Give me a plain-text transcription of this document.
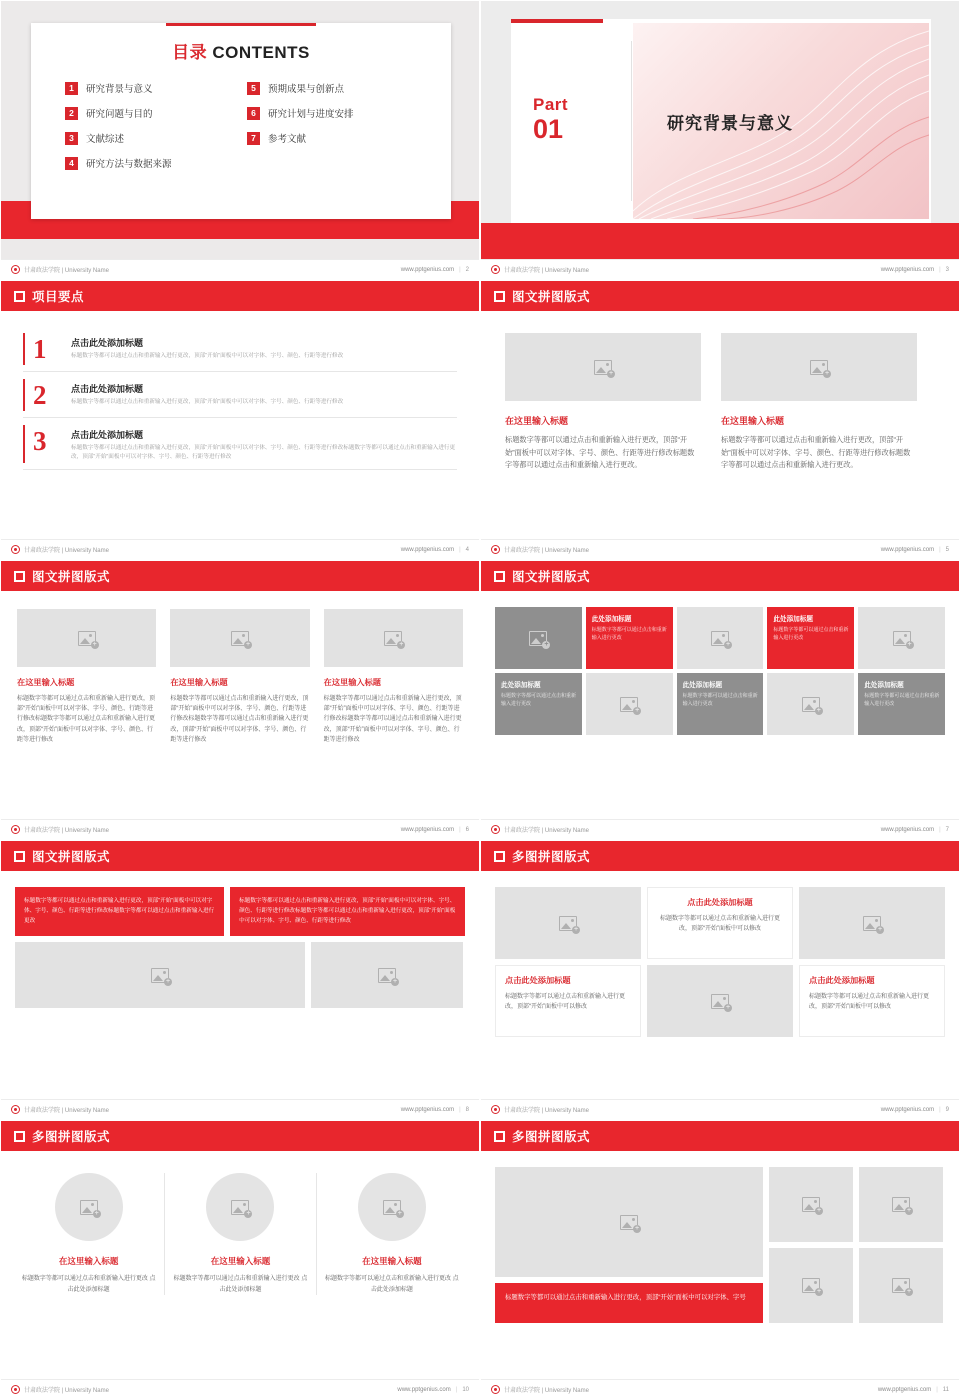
目录 CONTENTS
1	研究背景与意义	5	预期成果与创新点
2	研究问题与目的	6	研究计划与进度安排
3	文献综述	7	参考文献
4	研究方法与数据来源
甘肃政法学院 | University Name	www.pptgenius.com | 2
Part
01	研究背景与意义
甘肃政法学院 | University Name	www.pptgenius.com | 3
项目要点
1	点击此处添加标题
标题数字等都可以通过点击和重新输入进行更改，顶部“开始”面板中可以对字体、字号、颜色、行距等进行修改
2	点击此处添加标题
标题数字等都可以通过点击和重新输入进行更改，顶部“开始”面板中可以对字体、字号、颜色、行距等进行修改
3	点击此处添加标题
标题数字等都可以通过点击和重新输入进行更改，顶部“开始”面板中可以对字体、字号、颜色、行距等进行修改标题数字等都可以通过点击和重新输入进行更改，顶部“开始”面板中可以对字体、字号、颜色、行距等进行修改
甘肃政法学院 | University Name	www.pptgenius.com | 4
图文拼图版式
+
在这里输入标题
标题数字等都可以通过点击和重新输入进行更改，顶部“开始”面板中可以对字体、字号、颜色、行距等进行修改标题数字等都可以通过点击和重新输入进行更改。
+
在这里输入标题
标题数字等都可以通过点击和重新输入进行更改，顶部“开始”面板中可以对字体、字号、颜色、行距等进行修改标题数字等都可以通过点击和重新输入进行更改。
甘肃政法学院 | University Name	www.pptgenius.com | 5
图文拼图版式
+
在这里输入标题
标题数字等都可以通过点击和重新输入进行更改，顶部“开始”面板中可以对字体、字号、颜色、行距等进行修改标题数字等都可以通过点击和重新输入进行更改，顶部“开始”面板中可以对字体、字号、颜色、行距等进行修改
+
在这里输入标题
标题数字等都可以通过点击和重新输入进行更改，顶部“开始”面板中可以对字体、字号、颜色、行距等进行修改标题数字等都可以通过点击和重新输入进行更改，顶部“开始”面板中可以对字体、字号、颜色、行距等进行修改
+
在这里输入标题
标题数字等都可以通过点击和重新输入进行更改，顶部“开始”面板中可以对字体、字号、颜色、行距等进行修改标题数字等都可以通过点击和重新输入进行更改，顶部“开始”面板中可以对字体、字号、颜色、行距等进行修改
甘肃政法学院 | University Name	www.pptgenius.com | 6
图文拼图版式
+
此处添加标题
标题数字等都可以通过点击和重新输入进行更改
+
此处添加标题
标题数字等都可以通过点击和重新输入进行更改
+
此处添加标题
标题数字等都可以通过点击和重新输入进行更改
+
此处添加标题
标题数字等都可以通过点击和重新输入进行更改
+
此处添加标题
标题数字等都可以通过点击和重新输入进行更改
甘肃政法学院 | University Name	www.pptgenius.com | 7
图文拼图版式
标题数字等都可以通过点击和重新输入进行更改，顶部“开始”面板中可以对字体、字号、颜色、行距等进行修改标题数字等都可以通过点击和重新输入进行更改
标题数字等都可以通过点击和重新输入进行更改，顶部“开始”面板中可以对字体、字号、颜色、行距等进行修改标题数字等都可以通过点击和重新输入进行更改，顶部“开始”面板中可以对字体、字号、颜色、行距等进行修改
+	+
甘肃政法学院 | University Name	www.pptgenius.com | 8
多图拼图版式
+
点击此处添加标题
标题数字等都可以通过点击和重新输入进行更改，顶部“开始”面板中可以修改	+
点击此处添加标题
标题数字等都可以通过点击和重新输入进行更改，顶部“开始”面板中可以修改	+
点击此处添加标题
标题数字等都可以通过点击和重新输入进行更改，顶部“开始”面板中可以修改
甘肃政法学院 | University Name	www.pptgenius.com | 9
多图拼图版式
+
在这里输入标题
标题数字等都可以通过点击和重新输入进行更改 点击此处添加标题
+
在这里输入标题
标题数字等都可以通过点击和重新输入进行更改 点击此处添加标题
+
在这里输入标题
标题数字等都可以通过点击和重新输入进行更改 点击此处添加标题
甘肃政法学院 | University Name	www.pptgenius.com | 10
多图拼图版式
+
标题数字等都可以通过点击和重新输入进行更改，顶部“开始”面板中可以对字体、字号
+	+
+	+
甘肃政法学院 | University Name	www.pptgenius.com | 11
